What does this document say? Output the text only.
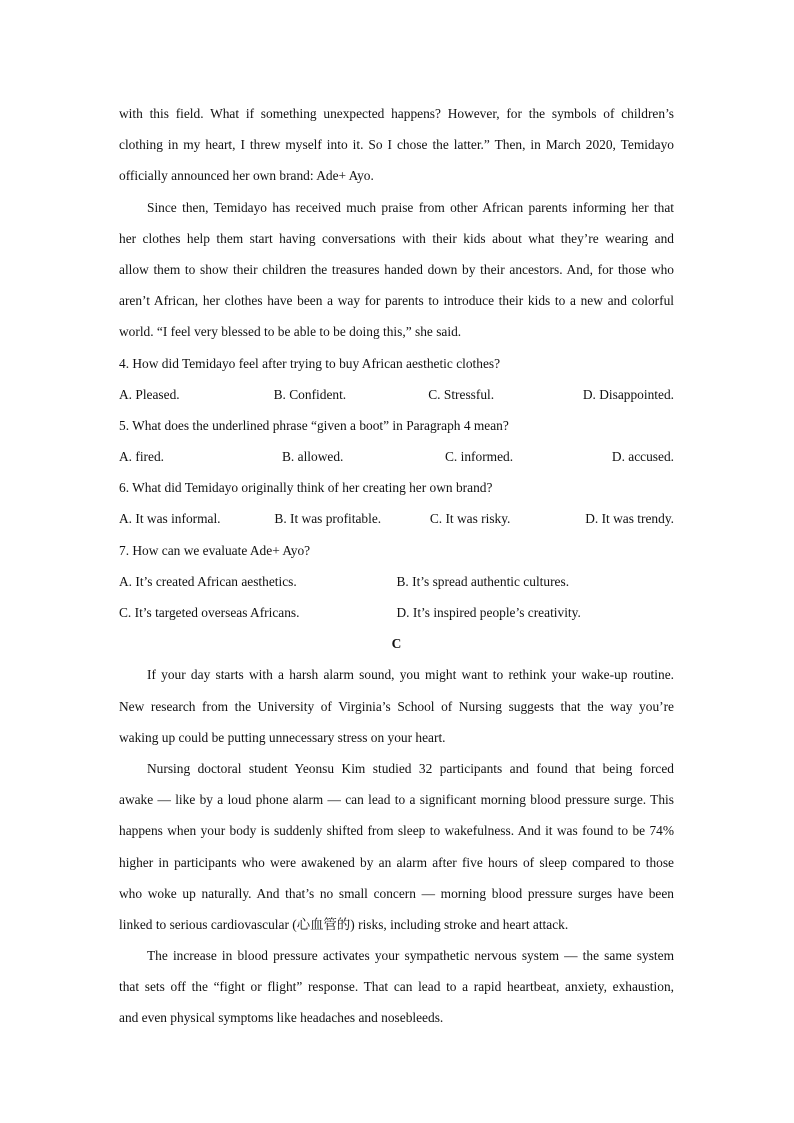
with this field. What if something unexpected happens? However, for the symbols of children’s
clothing in my heart, I threw myself into it. So I chose the latter.” Then, in March 2020, Temidayo
officially announced her own brand: Ade+ Ayo.
Since then, Temidayo has received much praise from other African parents informing her that
her clothes help them start having conversations with their kids about what they’re wearing and
allow them to show their children the treasures handed down by their ancestors. And, for those who
aren’t African, her clothes have been a way for parents to introduce their kids to a new and colorful
world. “I feel very blessed to be able to be doing this,” she said.
4. How did Temidayo feel after trying to buy African aesthetic clothes?
A. Pleased.	B. Confident.	C. Stressful.	D. Disappointed.
5. What does the underlined phrase “given a boot” in Paragraph 4 mean?
A. fired.	B. allowed.	C. informed.	D. accused.
6. What did Temidayo originally think of her creating her own brand?
A. It was informal.	B. It was profitable.	C. It was risky.	D. It was trendy.
7. How can we evaluate Ade+ Ayo?
A. It’s created African aesthetics.	B. It’s spread authentic cultures.
C. It’s targeted overseas Africans.	D. It’s inspired people’s creativity.
C
If your day starts with a harsh alarm sound, you might want to rethink your wake-up routine.
New research from the University of Virginia’s School of Nursing suggests that the way you’re
waking up could be putting unnecessary stress on your heart.
Nursing doctoral student Yeonsu Kim studied 32 participants and found that being forced
awake — like by a loud phone alarm — can lead to a significant morning blood pressure surge. This
happens when your body is suddenly shifted from sleep to wakefulness. And it was found to be 74%
higher in participants who were awakened by an alarm after five hours of sleep compared to those
who woke up naturally. And that’s no small concern — morning blood pressure surges have been
linked to serious cardiovascular (心血管的) risks, including stroke and heart attack.
The increase in blood pressure activates your sympathetic nervous system — the same system
that sets off the “fight or flight” response. That can lead to a rapid heartbeat, anxiety, exhaustion,
and even physical symptoms like headaches and nosebleeds.
